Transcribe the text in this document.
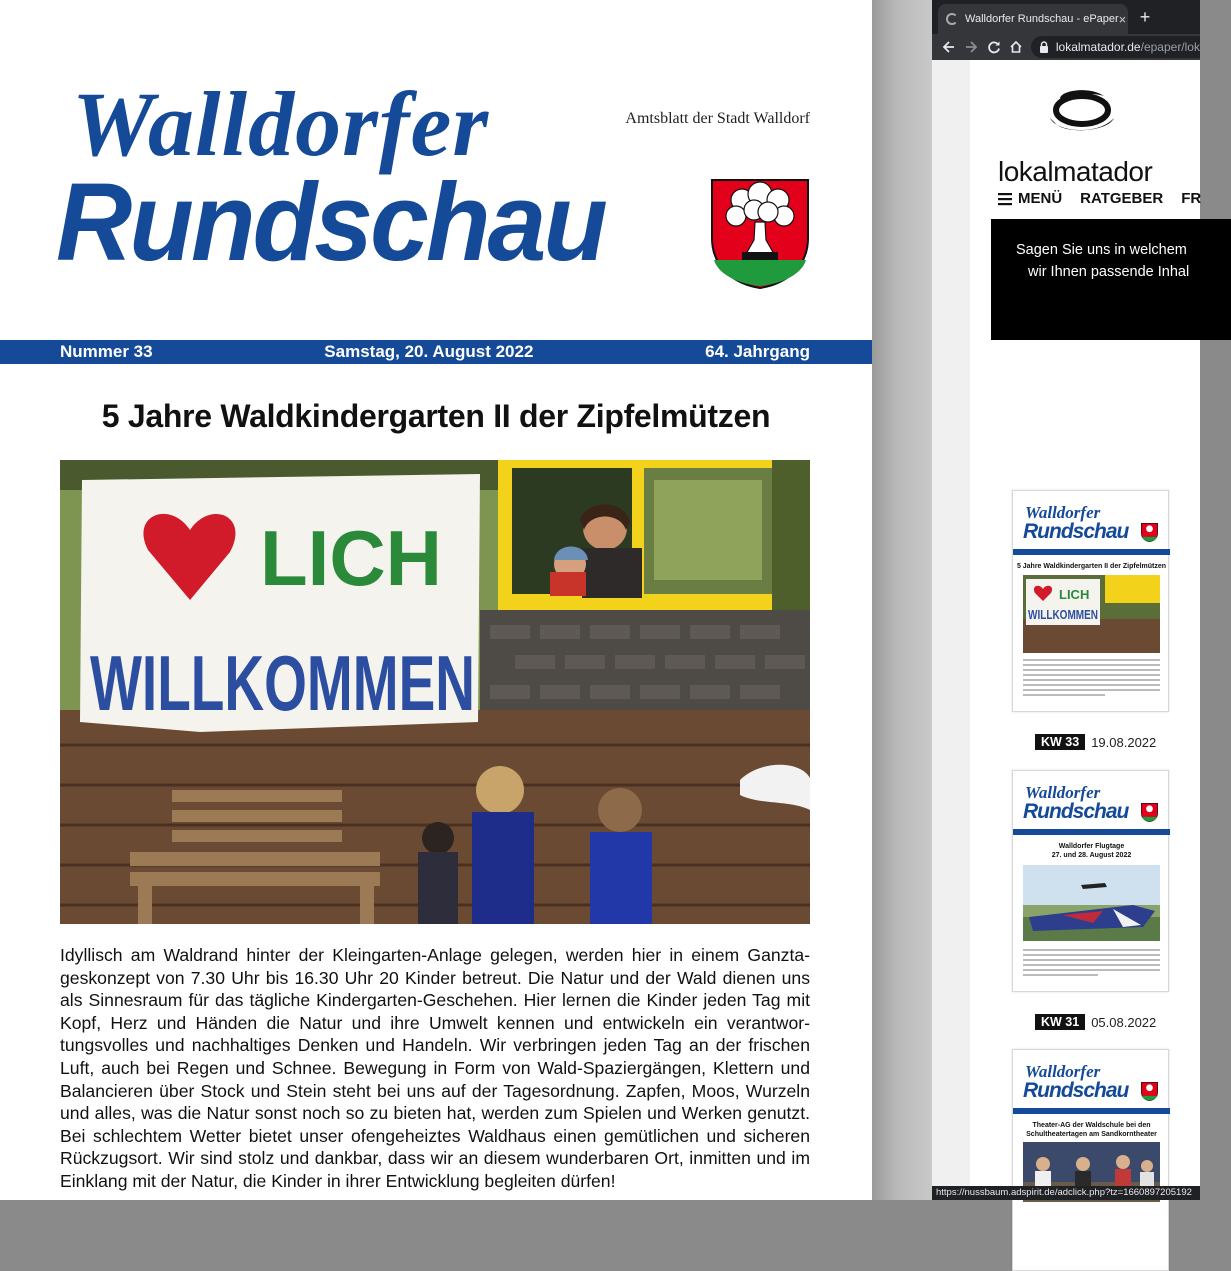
Walldorfer
Rundschau
Amtsblatt der Stadt Walldorf
Nummer 33	Samstag, 20. August 2022	64. Jahrgang
5 Jahre Waldkindergarten II der Zipfelmützen
LICH
WILLKOMMEN
Idyllisch am Waldrand hinter der Kleingarten-Anlage gelegen, werden hier in einem Ganztageskonzept von 7.30 Uhr bis 16.30 Uhr 20 Kinder betreut. Die Natur und der Wald dienen uns als Sinnesraum für das tägliche Kindergarten-Geschehen. Hier lernen die Kinder jeden Tag mit Kopf, Herz und Händen die Natur und ihre Umwelt kennen und entwickeln ein verantwortungsvolles und nachhaltiges Denken und Handeln. Wir verbringen jeden Tag an der frischen Luft, auch bei Regen und Schnee. Bewegung in Form von Wald-Spaziergängen, Klettern und Balancieren über Stock und Stein steht bei uns auf der Tagesordnung. Zapfen, Moos, Wurzeln und alles, was die Natur sonst noch so zu bieten hat, werden zum Spielen und Werken genutzt. Bei schlechtem Wetter bietet unser ofengeheiztes Waldhaus einen gemütlichen und sicheren Rückzugsort. Wir sind stolz und dankbar, dass wir an diesem wunderbaren Ort, inmitten und im Einklang mit der Natur, die Kinder in ihrer Entwicklung begleiten dürfen!
Walldorfer Rundschau - ePaper × +
lokalmatador.de /epaper/lok
lokalmatador
MENÜ RATGEBER FR
Sagen Sie uns in welchem
wir Ihnen passende Inhal
Walldorfer
Rundschau
5 Jahre Waldkindergarten II der Zipfelmützen
LICH
WILLKOMMEN
KW 33 19.08.2022
Walldorfer
Rundschau
Walldorfer Flugtage
27. und 28. August 2022
KW 31 05.08.2022
Walldorfer
Rundschau
Theater-AG der Waldschule bei den
Schultheatertagen am Sandkorntheater
https://nussbaum.adspirit.de/adclick.php?tz=1660897205192
